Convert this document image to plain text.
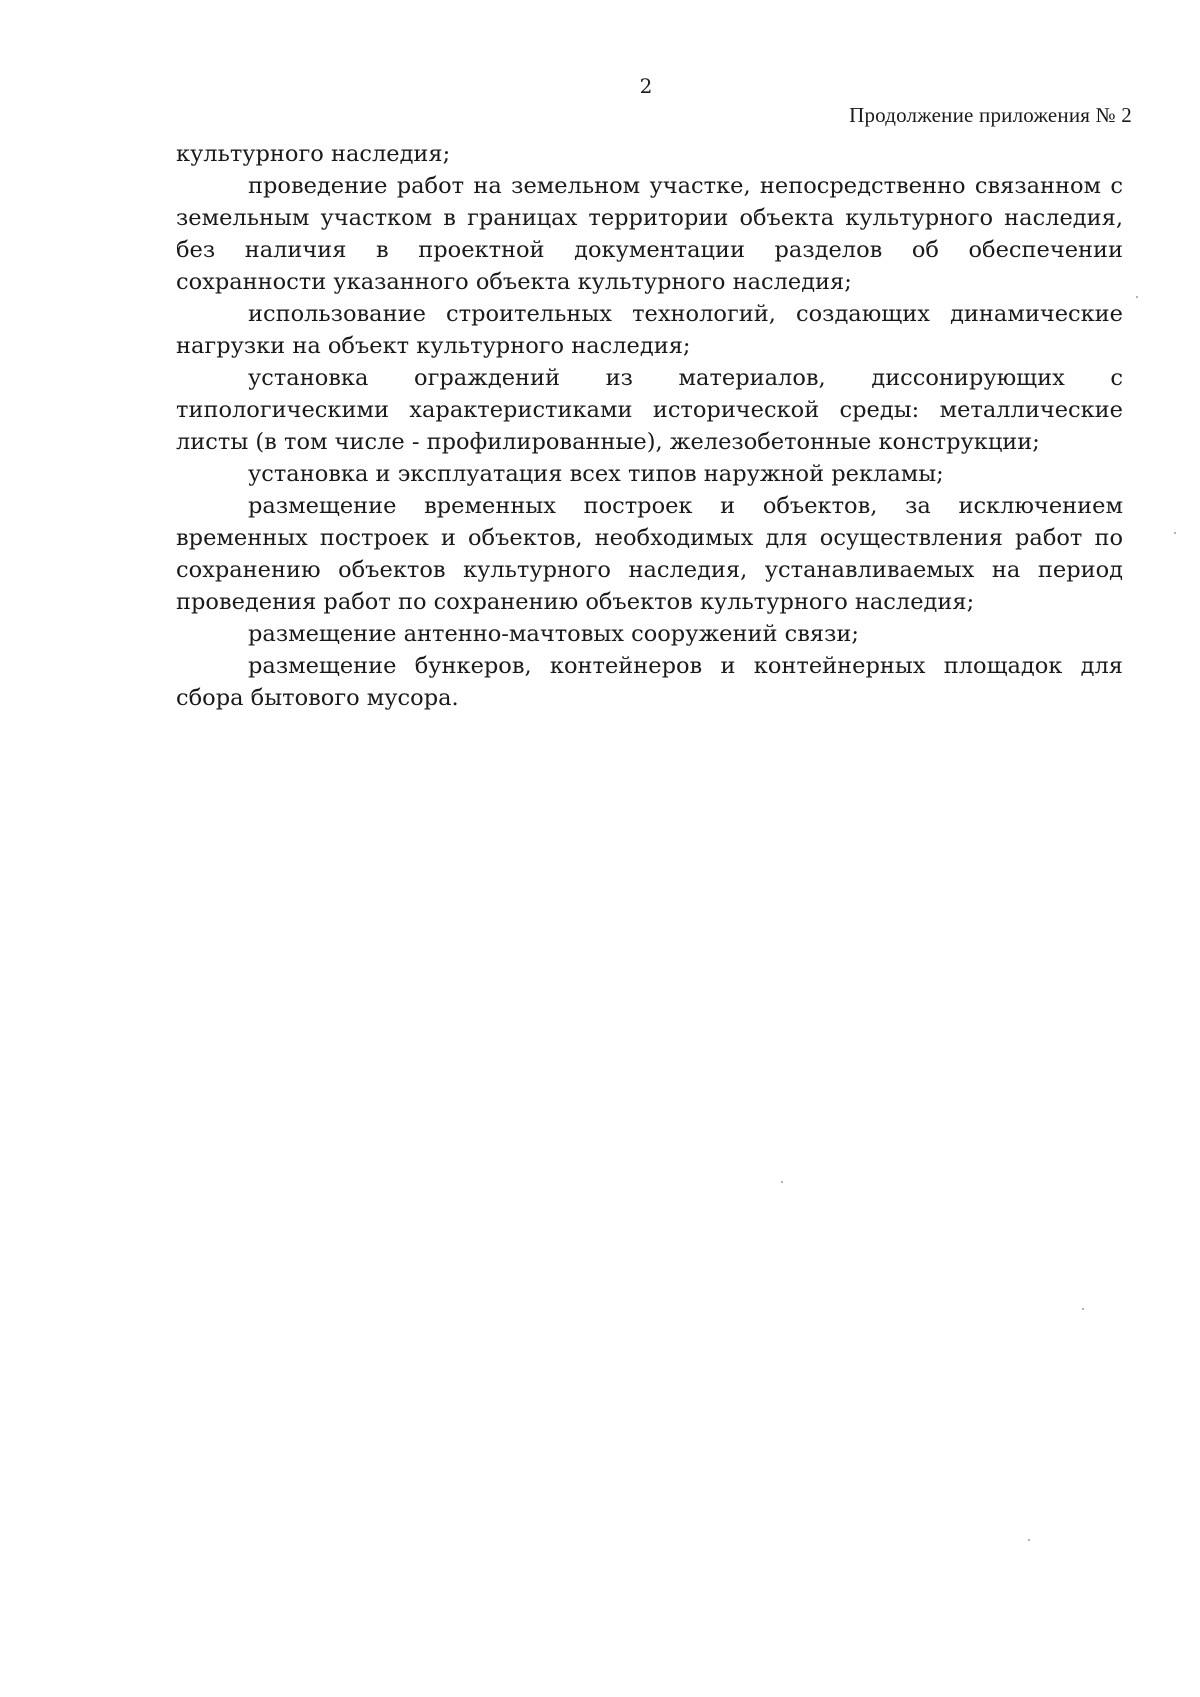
2
Продолжение приложения № 2

культурного наследия;

проведение работ на земельном участке, непосредственно связанном с земельным участком в границах территории объекта культурного наследия, без наличия в проектной документации разделов об обеспечении сохранности указанного объекта культурного наследия;

использование строительных технологий, создающих динамические нагрузки на объект культурного наследия;

установка ограждений из материалов, диссонирующих с типологическими характеристиками исторической среды: металлические листы (в том числе - профилированные), железобетонные конструкции;

установка и эксплуатация всех типов наружной рекламы;

размещение временных построек и объектов, за исключением временных построек и объектов, необходимых для осуществления работ по сохранению объектов культурного наследия, устанавливаемых на период проведения работ по сохранению объектов культурного наследия;

размещение антенно-мачтовых сооружений связи;

размещение бункеров, контейнеров и контейнерных площадок для сбора бытового мусора.
